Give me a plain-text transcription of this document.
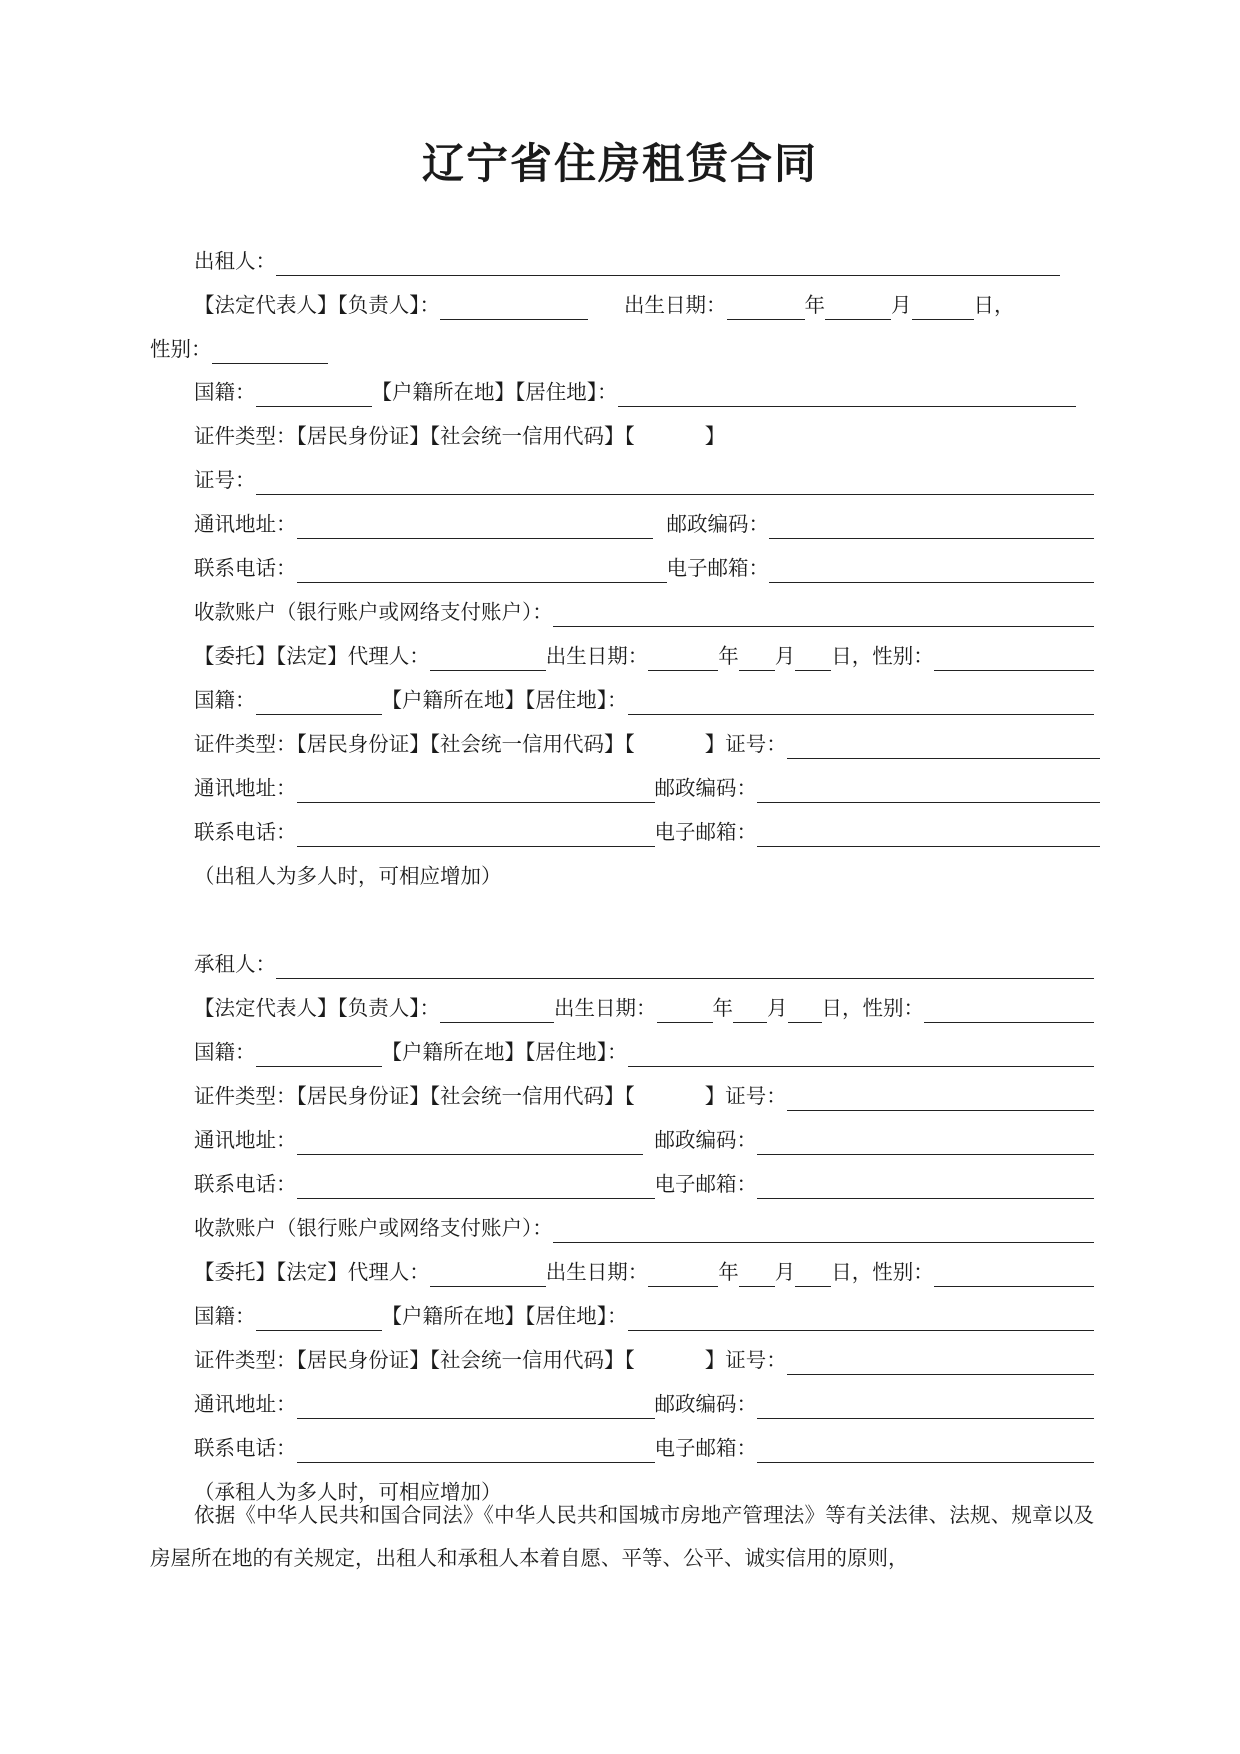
辽宁省住房租赁合同
出租人：
【法定代表人】【负责人】：	出生日期：	年	月	日，
性别：
国籍：	【户籍所在地】【居住地】：
证件类型：【居民身份证】【社会统一信用代码】【	】
证号：
通讯地址：	邮政编码：
联系电话：	电子邮箱：
收款账户（银行账户或网络支付账户）：
【委托】【法定】代理人：	出生日期：	年 月 日，性别：
国籍：	【户籍所在地】【居住地】：
证件类型：【居民身份证】【社会统一信用代码】【	】证号：
通讯地址：	邮政编码：
联系电话：	电子邮箱：
（出租人为多人时，可相应增加）
承租人：
【法定代表人】【负责人】：	出生日期：	年 月 日，性别：
国籍：	【户籍所在地】【居住地】：
证件类型：【居民身份证】【社会统一信用代码】【	】证号：
通讯地址：	邮政编码：
联系电话：	电子邮箱：
收款账户（银行账户或网络支付账户）：
【委托】【法定】代理人：	出生日期：	年 月 日，性别：
国籍：	【户籍所在地】【居住地】：
证件类型：【居民身份证】【社会统一信用代码】【	】证号：
通讯地址：	邮政编码：
联系电话：	电子邮箱：
（承租人为多人时，可相应增加）

依据《中华人民共和国合同法》《中华人民共和国城市房地产管理法》等有关法律、法规、规章以及房屋所在地的有关规定，出租人和承租人本着自愿、平等、公平、诚实信用的原则，
